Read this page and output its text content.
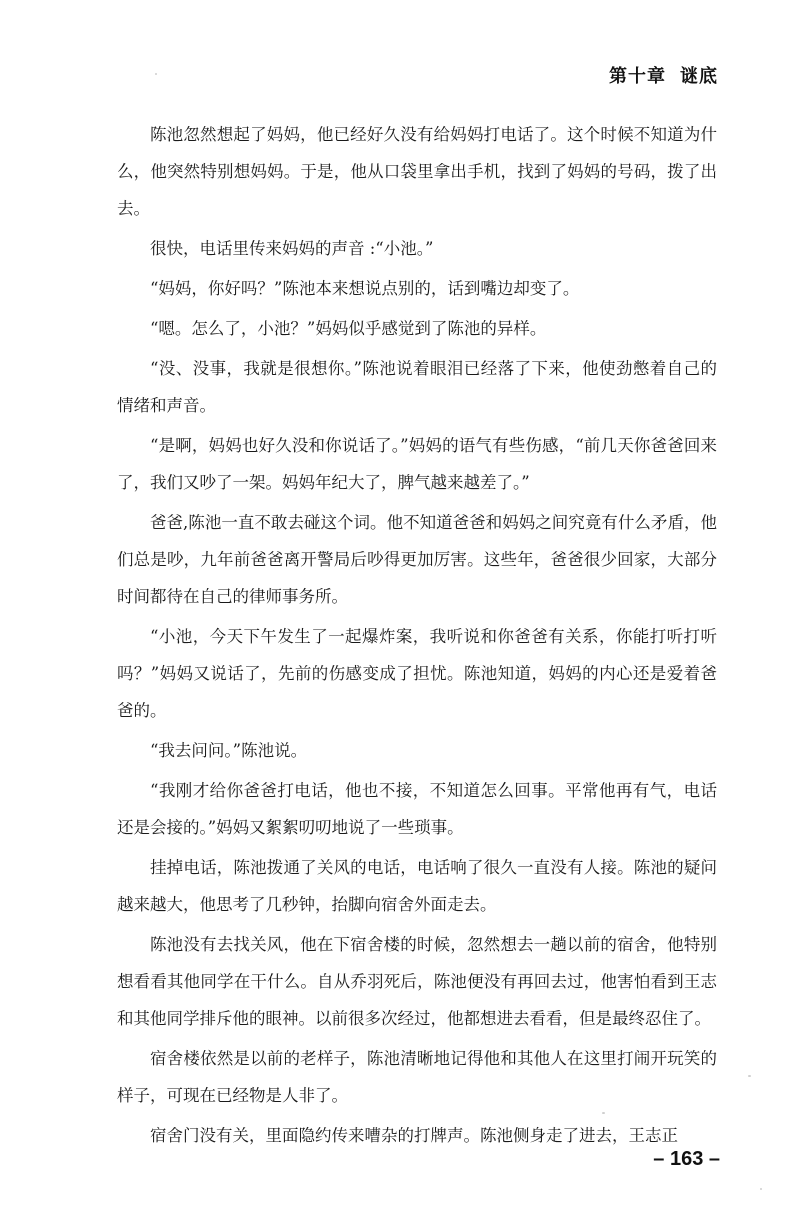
第十章 谜底

陈池忽然想起了妈妈，他已经好久没有给妈妈打电话了。这个时候不知道为什么，他突然特别想妈妈。于是，他从口袋里拿出手机，找到了妈妈的号码，拨了出去。

很快，电话里传来妈妈的声音 :“小池。”

“妈妈，你好吗？”陈池本来想说点别的，话到嘴边却变了。

“嗯。怎么了，小池？”妈妈似乎感觉到了陈池的异样。

“没、没事，我就是很想你。”陈池说着眼泪已经落了下来，他使劲憋着自己的情绪和声音。

“是啊，妈妈也好久没和你说话了。”妈妈的语气有些伤感，“前几天你爸爸回来了，我们又吵了一架。妈妈年纪大了，脾气越来越差了。”

爸爸,陈池一直不敢去碰这个词。他不知道爸爸和妈妈之间究竟有什么矛盾，他们总是吵，九年前爸爸离开警局后吵得更加厉害。这些年，爸爸很少回家，大部分时间都待在自己的律师事务所。

“小池，今天下午发生了一起爆炸案，我听说和你爸爸有关系，你能打听打听吗？”妈妈又说话了，先前的伤感变成了担忧。陈池知道，妈妈的内心还是爱着爸爸的。

“我去问问。”陈池说。

“我刚才给你爸爸打电话，他也不接，不知道怎么回事。平常他再有气，电话还是会接的。”妈妈又絮絮叨叨地说了一些琐事。

挂掉电话，陈池拨通了关风的电话，电话响了很久一直没有人接。陈池的疑问越来越大，他思考了几秒钟，抬脚向宿舍外面走去。

陈池没有去找关风，他在下宿舍楼的时候，忽然想去一趟以前的宿舍，他特别想看看其他同学在干什么。自从乔羽死后，陈池便没有再回去过，他害怕看到王志和其他同学排斥他的眼神。以前很多次经过，他都想进去看看，但是最终忍住了。

宿舍楼依然是以前的老样子，陈池清晰地记得他和其他人在这里打闹开玩笑的样子，可现在已经物是人非了。

宿舍门没有关，里面隐约传来嘈杂的打牌声。陈池侧身走了进去，王志正

– 163 –
